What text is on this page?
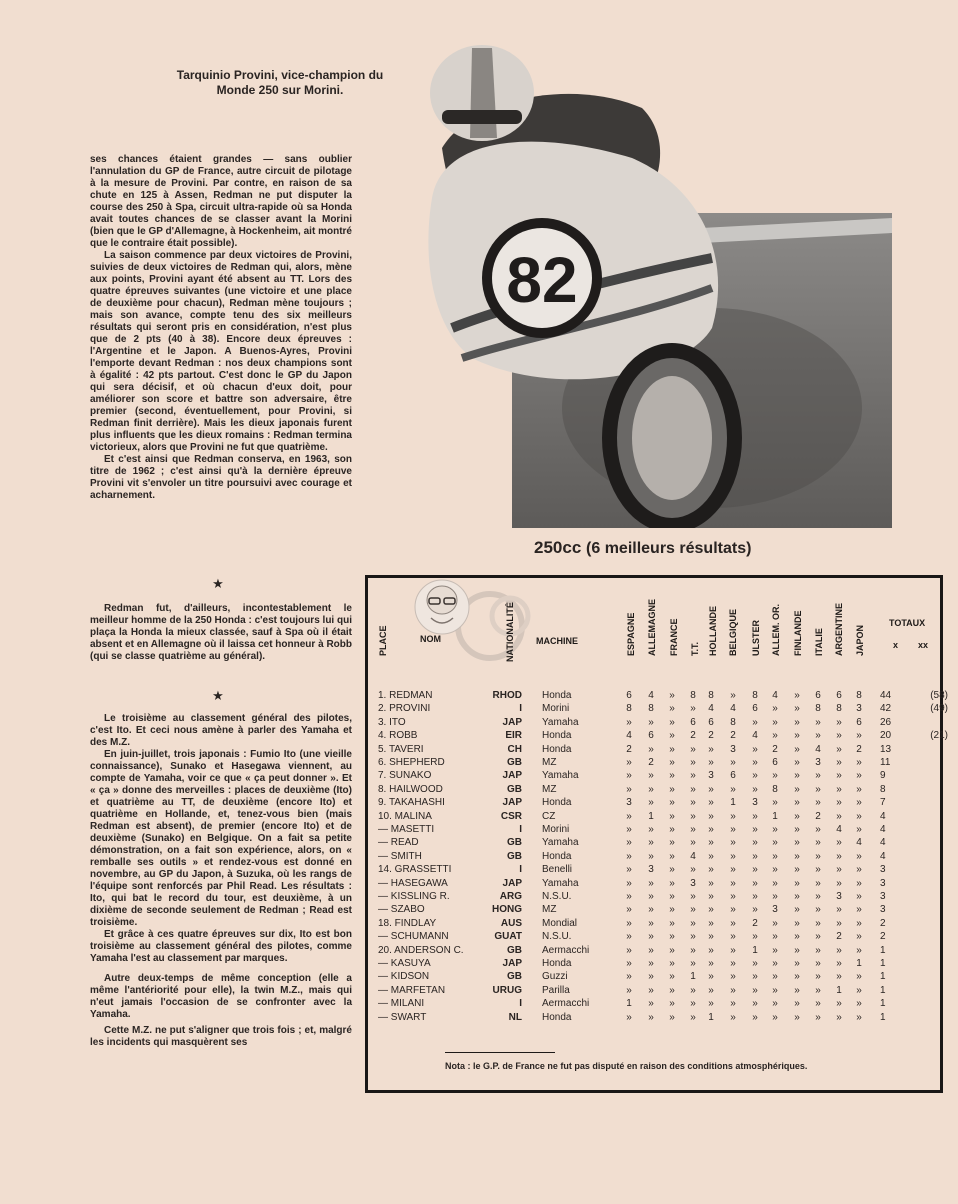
Tarquinio Provini, vice-champion du Monde 250 sur Morini.

ses chances étaient grandes — sans oublier l'annulation du GP de France, autre circuit de pilotage à la mesure de Provini. Par contre, en raison de sa chute en 125 à Assen, Redman ne put disputer la course des 250 à Spa, circuit ultra-rapide où sa Honda avait toutes chances de se classer avant la Morini (bien que le GP d'Allemagne, à Hockenheim, ait montré que le contraire était possible).

La saison commence par deux victoires de Provini, suivies de deux victoires de Redman qui, alors, mène aux points, Provini ayant été absent au TT. Lors des quatre épreuves suivantes (une victoire et une place de deuxième pour chacun), Redman mène toujours ; mais son avance, compte tenu des six meilleurs résultats qui seront pris en considération, n'est plus que de 2 pts (40 à 38). Encore deux épreuves : l'Argentine et le Japon. A Buenos-Ayres, Provini l'emporte devant Redman : nos deux champions sont à égalité : 42 pts partout. C'est donc le GP du Japon qui sera décisif, et où chacun d'eux doit, pour améliorer son score et battre son adversaire, être premier (second, éventuellement, pour Provini, si Redman finit derrière). Mais les dieux japonais furent plus influents que les dieux romains : Redman termina victorieux, alors que Provini ne fut que quatrième.

Et c'est ainsi que Redman conserva, en 1963, son titre de 1962 ; c'est ainsi qu'à la dernière épreuve Provini vit s'envoler un titre poursuivi avec courage et acharnement.

★

Redman fut, d'ailleurs, incontestablement le meilleur homme de la 250 Honda : c'est toujours lui qui plaça la Honda la mieux classée, sauf à Spa où il était absent et en Allemagne où il laissa cet honneur à Robb (qui se classe quatrième au général).

★

Le troisième au classement général des pilotes, c'est Ito. Et ceci nous amène à parler des Yamaha et des M.Z.

En juin-juillet, trois japonais : Fumio Ito (une vieille connaissance), Sunako et Hasegawa viennent, au compte de Yamaha, voir ce que « ça peut donner ». Et « ça » donne des merveilles : places de deuxième (Ito) et quatrième au TT, de deuxième (encore Ito) et quatrième en Hollande, et, tenez-vous bien (mais Redman est absent), de premier (encore Ito) et de deuxième (Sunako) en Belgique. On a fait sa petite démonstration, on a fait son expérience, alors, on « remballe ses outils » et rendez-vous est donné en novembre, au GP du Japon, à Suzuka, où les rangs de l'équipe sont renforcés par Phil Read. Les résultats : Ito, qui bat le record du tour, est deuxième, à un dixième de seconde seulement de Redman ; Read est troisième.

Et grâce à ces quatre épreuves sur dix, Ito est bon troisième au classement général des pilotes, comme Yamaha l'est au classement par marques.

Autre deux-temps de même conception (elle a même l'antériorité pour elle), la twin M.Z., mais qui n'eut jamais l'occasion de se confronter avec la Yamaha.

Cette M.Z. ne put s'aligner que trois fois ; et, malgré les incidents qui masquèrent ses

82
250cc (6 meilleurs résultats)
PLACE	NOM	NATIONALITÉ MACHINE	ESPAGNE ALLEMAGNE FRANCE T.T. HOLLANDE BELGIQUE ULSTER ALLEM. OR. FINLANDE ITALIE ARGENTINE JAPON
TOTAUX
x xx
1. REDMAN	RHOD Honda	6	4	»	8	8	»	8	4	»	6	6	8	44	(58)
2. PROVINI	I Morini	8	8	»	»	4	4	6	»	»	8	8	3	42	(49)
3. ITO	JAP Yamaha	»	»	»	6	6	8	»	»	»	»	»	6	26
4. ROBB	EIR Honda	4	6	»	2	2	2	4	»	»	»	»	»	20	(21)
5. TAVERI	CH Honda	2	»	»	»	»	3	»	2	»	4	»	2	13
6. SHEPHERD	GB MZ	»	2	»	»	»	»	»	6	»	3	»	»	11
7. SUNAKO	JAP Yamaha	»	»	»	»	3	6	»	»	»	»	»	»	9
8. HAILWOOD	GB MZ	»	»	»	»	»	»	»	8	»	»	»	»	8
9. TAKAHASHI	JAP Honda	3	»	»	»	»	1	3	»	»	»	»	»	7
10. MALINA	CSR CZ	»	1	»	»	»	»	»	1	»	2	»	»	4
— MASETTI	I Morini	»	»	»	»	»	»	»	»	»	»	4	»	4
— READ	GB Yamaha	»	»	»	»	»	»	»	»	»	»	»	4	4
— SMITH	GB Honda	»	»	»	4	»	»	»	»	»	»	»	»	4
14. GRASSETTI	I Benelli	»	3	»	»	»	»	»	»	»	»	»	»	3
— HASEGAWA	JAP Yamaha	»	»	»	3	»	»	»	»	»	»	»	»	3
— KISSLING R.	ARG N.S.U.	»	»	»	»	»	»	»	»	»	»	3	»	3
— SZABO	HONG MZ	»	»	»	»	»	»	»	3	»	»	»	»	3
18. FINDLAY	AUS Mondial	»	»	»	»	»	»	2	»	»	»	»	»	2
— SCHUMANN	GUAT N.S.U.	»	»	»	»	»	»	»	»	»	»	2	»	2
20. ANDERSON C.	GB Aermacchi	»	»	»	»	»	»	1	»	»	»	»	»	1
— KASUYA	JAP Honda	»	»	»	»	»	»	»	»	»	»	»	1	1
— KIDSON	GB Guzzi	»	»	»	1	»	»	»	»	»	»	»	»	1
— MARFETAN	URUG Parilla	»	»	»	»	»	»	»	»	»	»	1	»	1
— MILANI	I Aermacchi	1	»	»	»	»	»	»	»	»	»	»	»	1
— SWART	NL Honda	»	»	»	»	1	»	»	»	»	»	»	»	1
Nota : le G.P. de France ne fut pas disputé en raison des conditions atmosphériques.
